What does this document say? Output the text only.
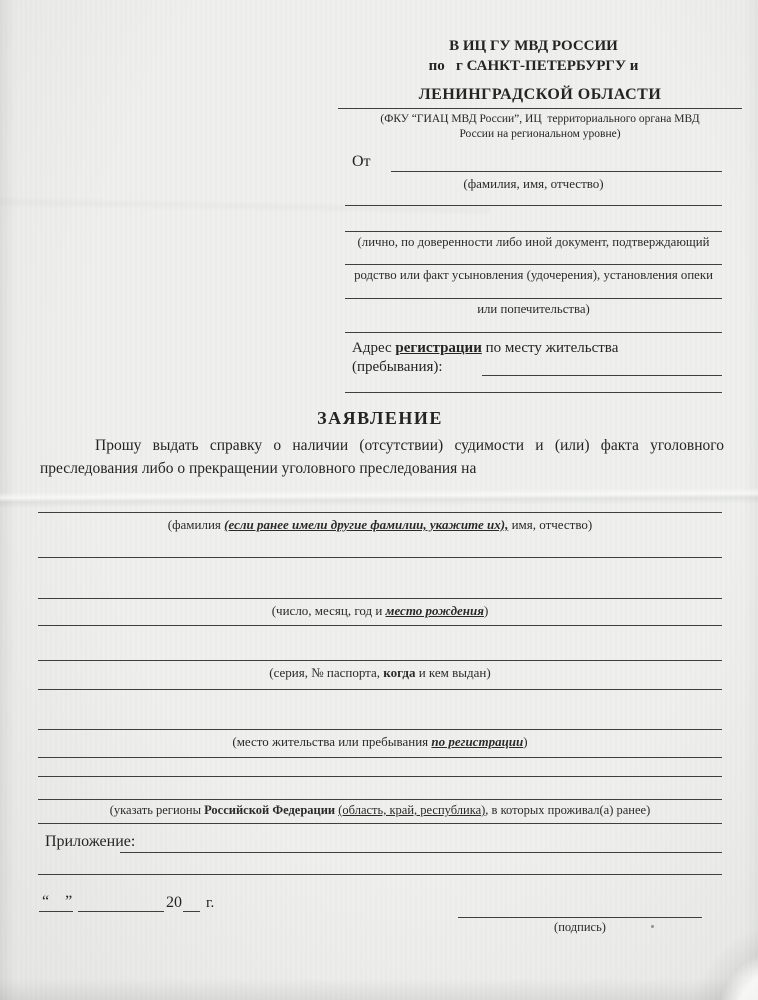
В ИЦ ГУ МВД РОССИИ
по   г САНКТ-ПЕТЕРБУРГУ и
ЛЕНИНГРАДСКОЙ ОБЛАСТИ
(ФКУ “ГИАЦ МВД России”, ИЦ  территориального органа МВД
России на региональном уровне)
От
(фамилия, имя, отчество)
(лично, по доверенности либо иной документ, подтверждающий
родство или факт усыновления (удочерения), установления опеки
или попечительства)
Адрес регистрации по месту жительства
(пребывания):
ЗАЯВЛЕНИЕ
Прошу выдать справку о наличии (отсутствии) судимости и (или) факта уголовного преследования либо о прекращении уголовного преследования на
(фамилия (если ранее имели другие фамилии, укажите их), имя, отчество)
(число, месяц, год и место рождения)
(серия, № паспорта, когда и кем выдан)
(место жительства или пребывания по регистрации)
(указать регионы Российской Федерации (область, край, республика), в которых проживал(а) ранее)
Приложение:
“”	20 г.
(подпись)
